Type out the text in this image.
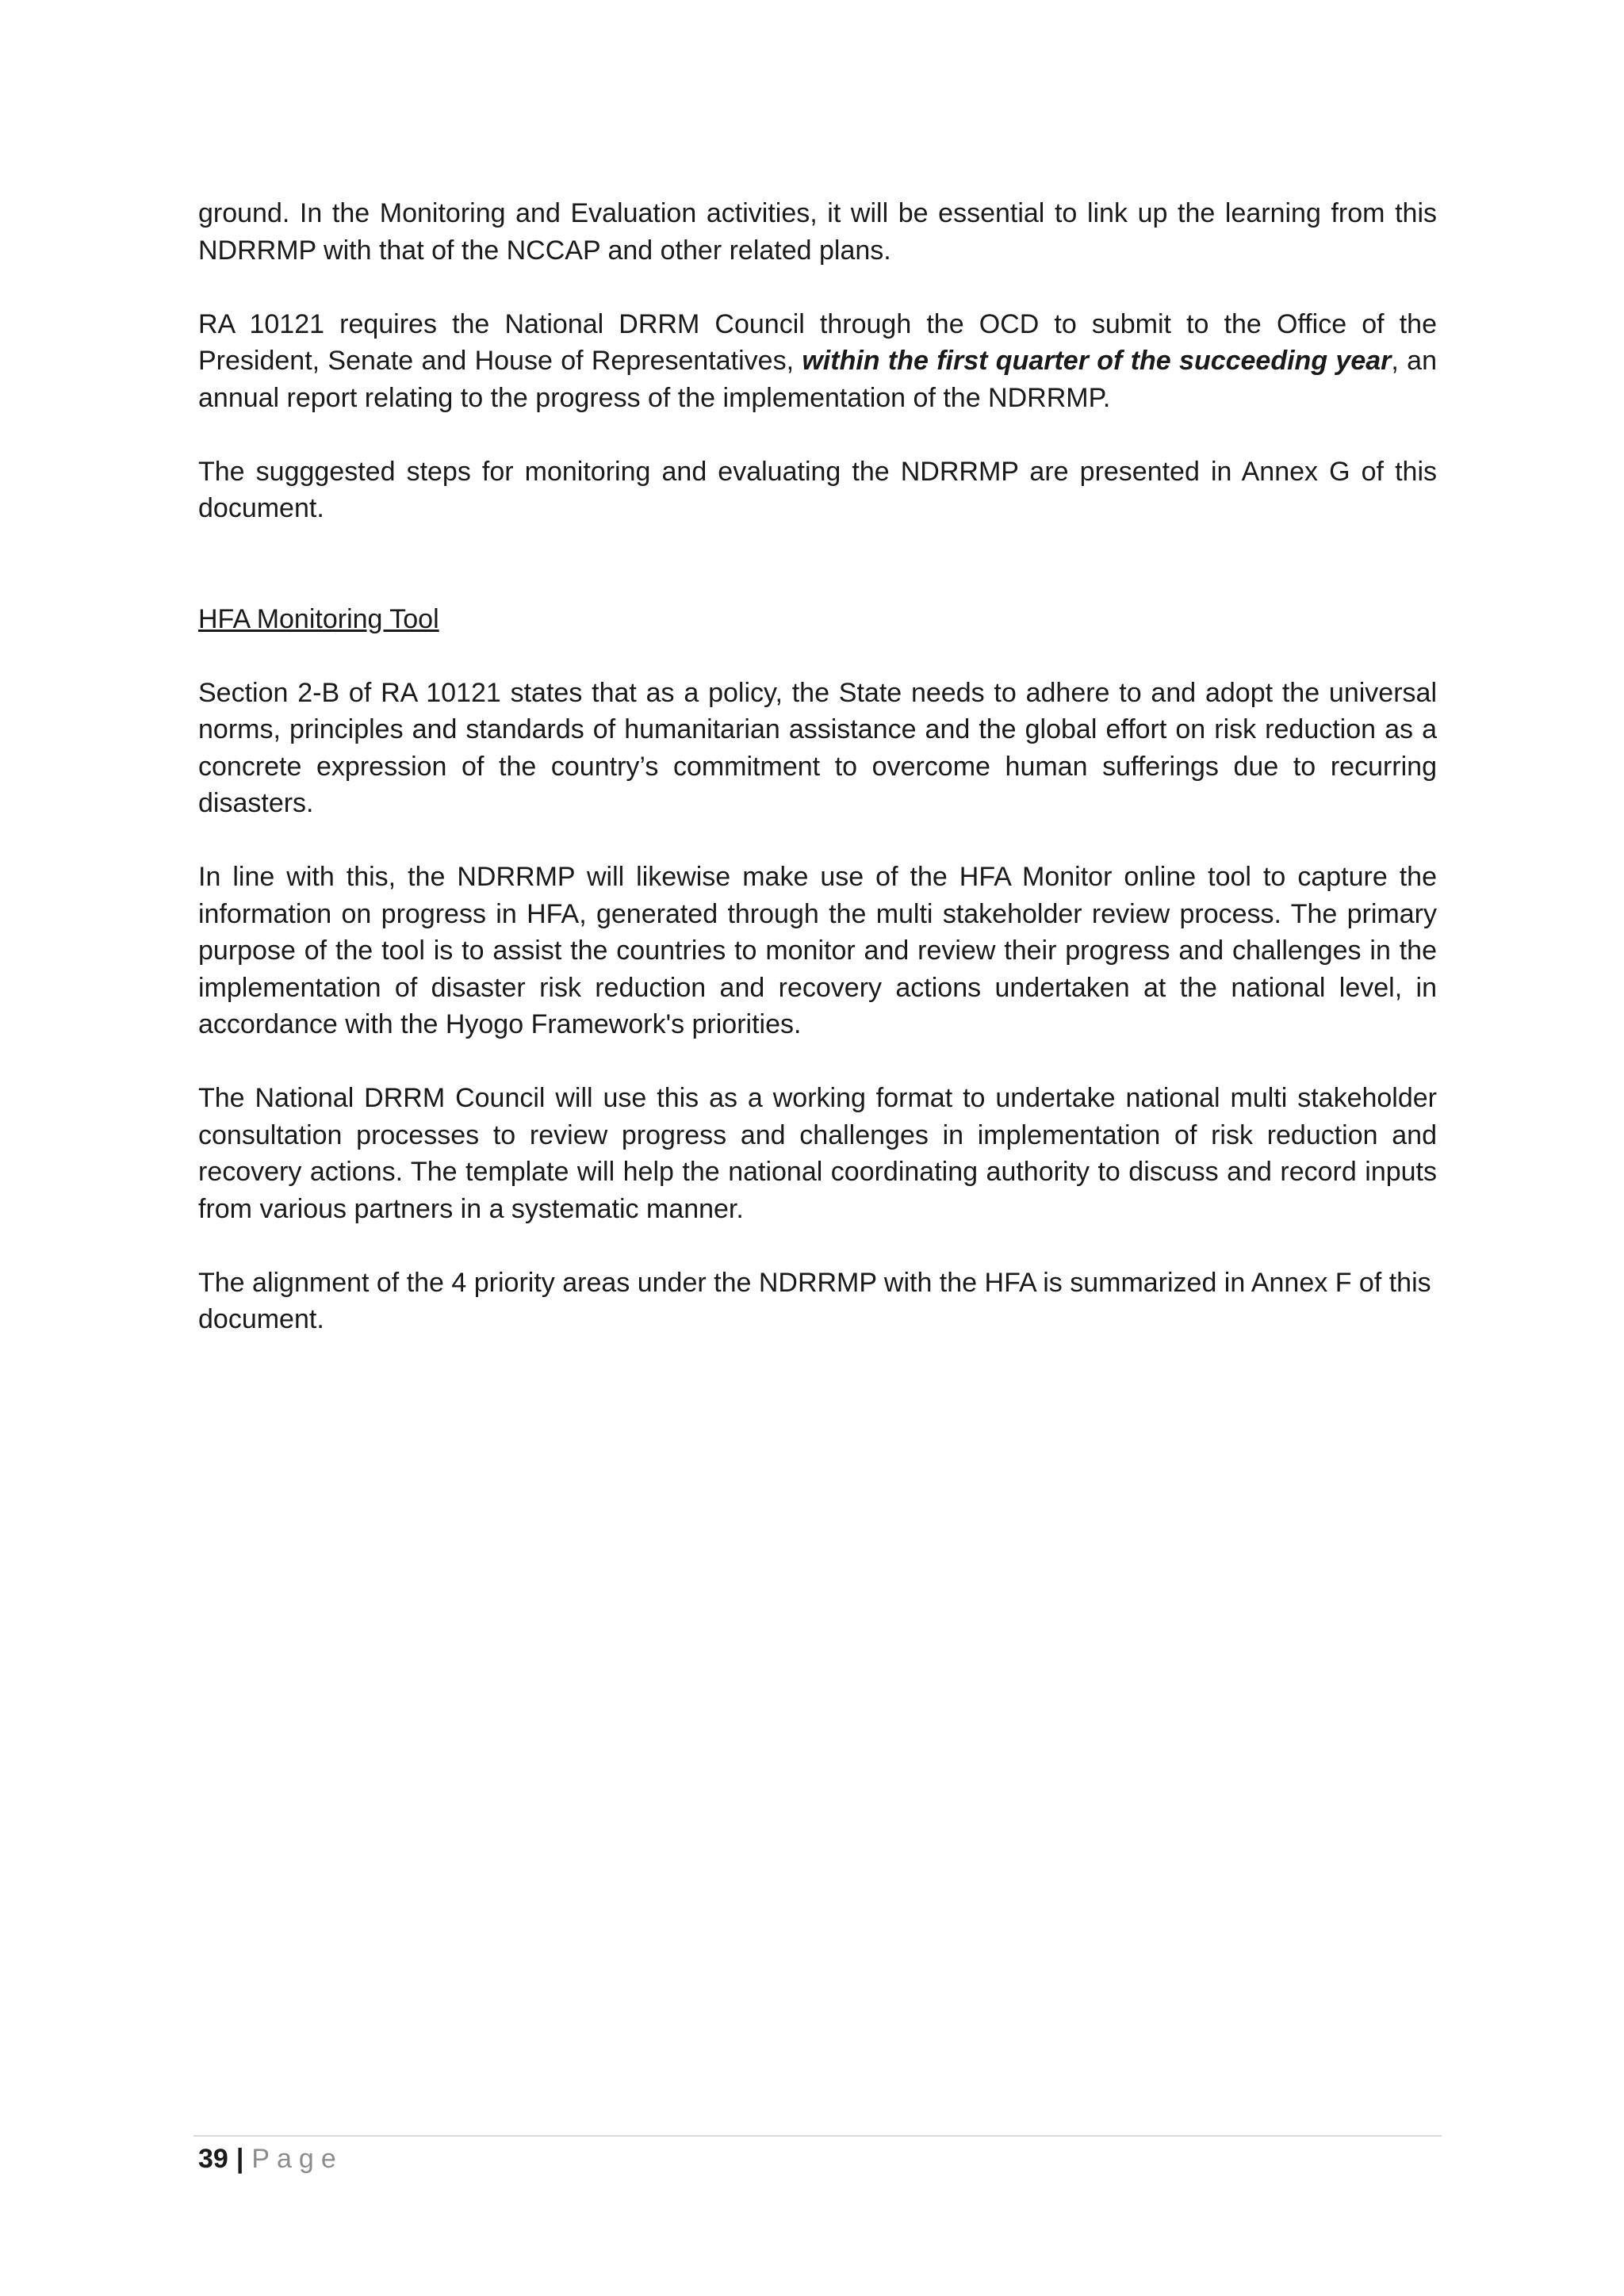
ground. In the Monitoring and Evaluation activities, it will be essential to link up the learning from this NDRRMP with that of the NCCAP and other related plans.

RA 10121 requires the National DRRM Council through the OCD to submit to the Office of the President, Senate and House of Representatives, within the first quarter of the succeeding year, an annual report relating to the progress of the implementation of the NDRRMP.

The sugggested steps for monitoring and evaluating the NDRRMP are presented in Annex G of this document.

HFA Monitoring Tool

Section 2-B of RA 10121 states that as a policy, the State needs to adhere to and adopt the universal norms, principles and standards of humanitarian assistance and the global effort on risk reduction as a concrete expression of the country’s commitment to overcome human sufferings due to recurring disasters.

In line with this, the NDRRMP will likewise make use of the HFA Monitor online tool to capture the information on progress in HFA, generated through the multi stakeholder review process. The primary purpose of the tool is to assist the countries to monitor and review their progress and challenges in the implementation of disaster risk reduction and recovery actions undertaken at the national level, in accordance with the Hyogo Framework's priorities.

The National DRRM Council will use this as a working format to undertake national multi stakeholder consultation processes to review progress and challenges in implementation of risk reduction and recovery actions. The template will help the national coordinating authority to discuss and record inputs from various partners in a systematic manner.

The alignment of the 4 priority areas under the NDRRMP with the HFA is summarized in Annex F of this document.

39 | Page
